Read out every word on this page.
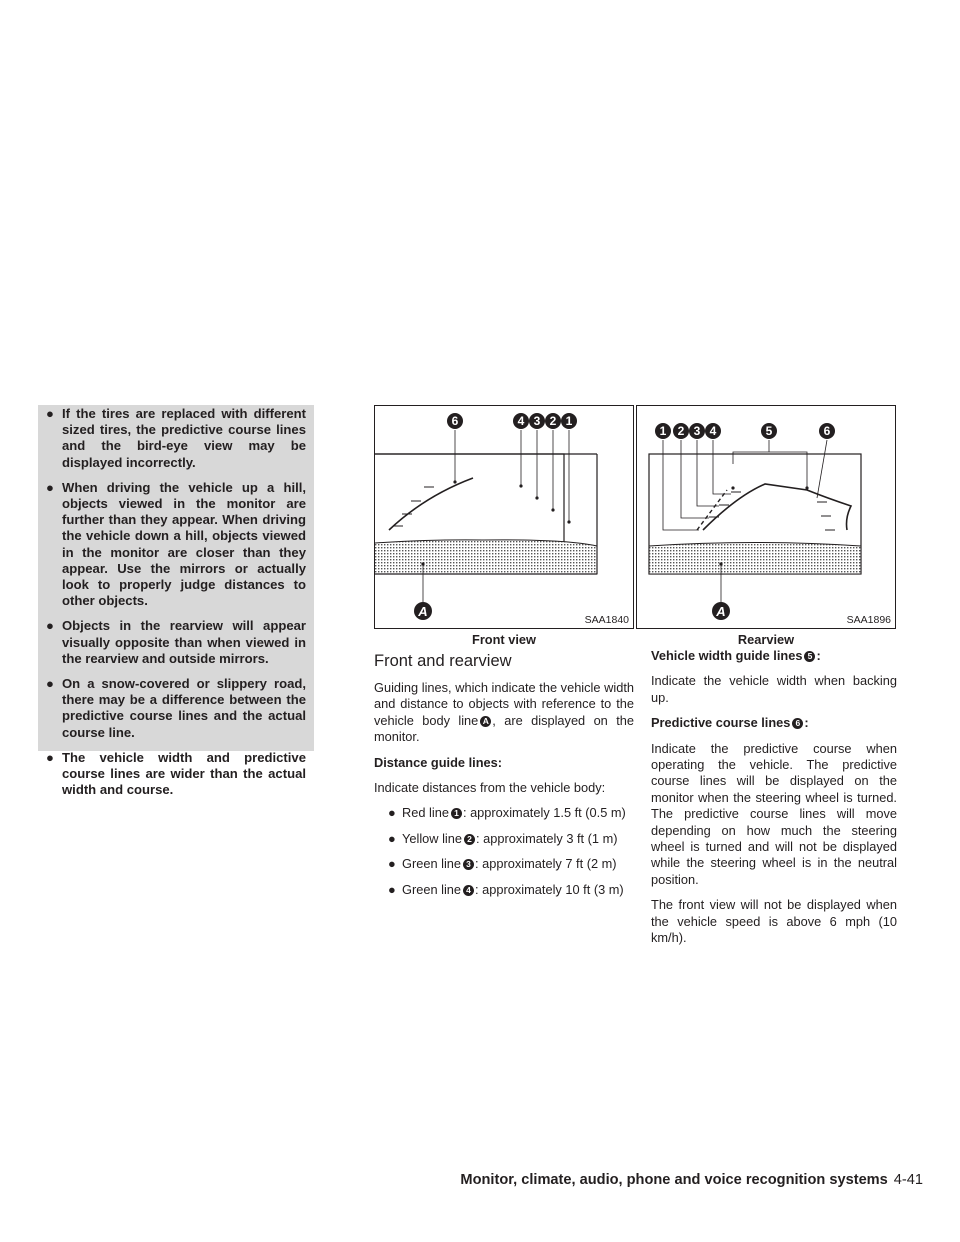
● If the tires are replaced with different sized tires, the predictive course lines and the bird-eye view may be displayed incorrectly.
● When driving the vehicle up a hill, objects viewed in the monitor are further than they appear. When driving the vehicle down a hill, objects viewed in the monitor are closer than they appear. Use the mirrors or actually look to properly judge distances to other objects.
● Objects in the rearview will appear visually opposite than when viewed in the rearview and outside mirrors.
● On a snow-covered or slippery road, there may be a difference between the predictive course lines and the actual course line.
● The vehicle width and predictive course lines are wider than the actual width and course.
6	4 3 2 1
A
SAA1840
1 2 3 4	5	6
A
SAA1896
Front view	Rearview
Front and rearview

Guiding lines, which indicate the vehicle width and distance to objects with reference to the vehicle body line A , are displayed on the monitor.

Distance guide lines:

Indicate distances from the vehicle body:

● Red line 1 : approximately 1.5 ft (0.5 m)
● Yellow line 2 : approximately 3 ft (1 m)
● Green line 3 : approximately 7 ft (2 m)
● Green line 4 : approximately 10 ft (3 m)

Vehicle width guide lines 5 :

Indicate the vehicle width when backing up.

Predictive course lines 6 :

Indicate the predictive course when operating the vehicle. The predictive course lines will be displayed on the monitor when the steering wheel is turned. The predictive course lines will move depending on how much the steering wheel is turned and will not be displayed while the steering wheel is in the neutral position.

The front view will not be displayed when the vehicle speed is above 6 mph (10 km/h).

Monitor, climate, audio, phone and voice recognition systems 4-41
